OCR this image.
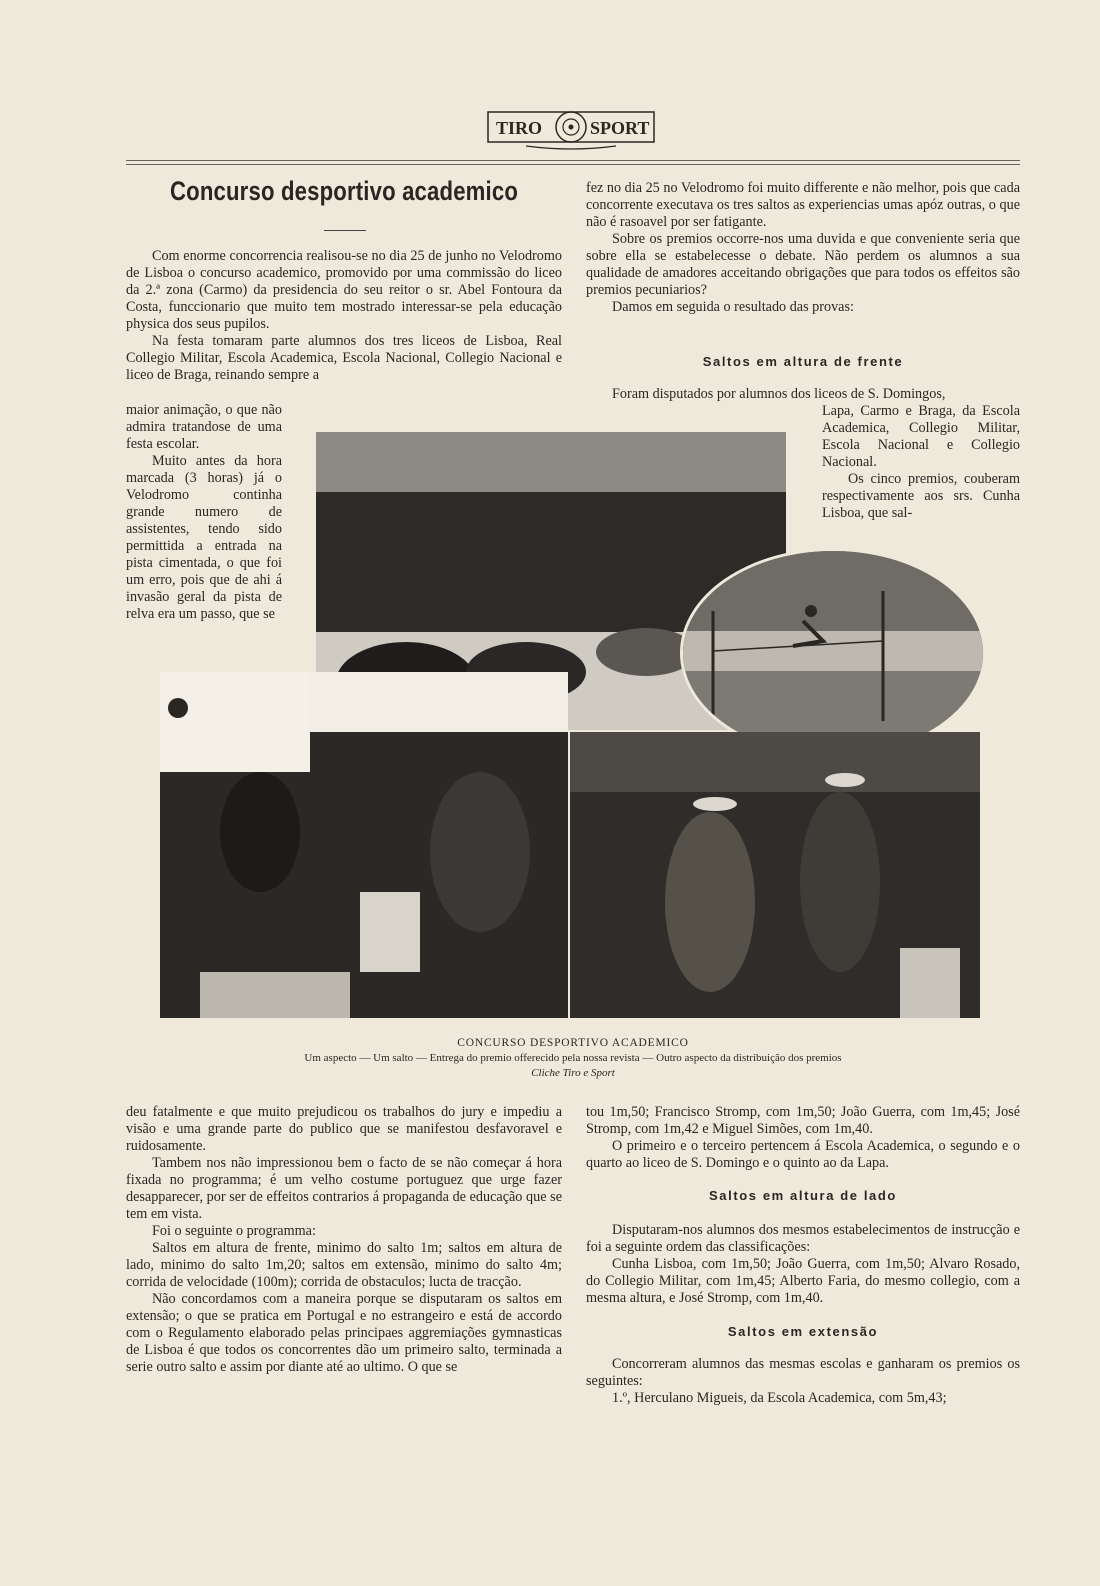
TIRO	SPORT
Concurso desportivo academico

Com enorme concorrencia realisou-se no dia 25 de junho no Velodromo de Lisboa o concurso academico, promovido por uma commissão do liceo da 2.ª zona (Carmo) da presidencia do seu reitor o sr. Abel Fontoura da Costa, funccionario que muito tem mostrado interessar-se pela educação physica dos seus pupilos.

Na festa tomaram parte alumnos dos tres liceos de Lisboa, Real Collegio Militar, Escola Academica, Escola Nacional, Collegio Nacional e liceo de Braga, reinando sempre a

maior animação, o que não admira tratandose de uma festa escolar.

Muito antes da hora marcada (3 horas) já o Velodromo continha grande numero de assistentes, tendo sido permittida a entrada na pista cimentada, o que foi um erro, pois que de ahi á invasão geral da pista de relva era um passo, que se

fez no dia 25 no Velodromo foi muito differente e não melhor, pois que cada concorrente executava os tres saltos as experiencias umas apóz outras, o que não é rasoavel por ser fatigante.

Sobre os premios occorre-nos uma duvida e que conveniente seria que sobre ella se estabelecesse o debate. Não perdem os alumnos a sua qualidade de amadores acceitando obrigações que para todos os effeitos são premios pecuniarios?

Damos em seguida o resultado das provas:

Saltos em altura de frente

Foram disputados por alumnos dos liceos de S. Domingos,

Lapa, Carmo e Braga, da Escola Academica, Collegio Militar, Escola Nacional e Collegio Nacional.

Os cinco premios, couberam respectivamente aos srs. Cunha Lisboa, que sal-

CONCURSO DESPORTIVO ACADEMICO
Um aspecto — Um salto — Entrega do premio offerecido pela nossa revista — Outro aspecto da distribuição dos premios
Cliche Tiro e Sport

deu fatalmente e que muito prejudicou os trabalhos do jury e impediu a visão e uma grande parte do publico que se manifestou desfavoravel e ruidosamente.

Tambem nos não impressionou bem o facto de se não começar á hora fixada no programma; é um velho costume portuguez que urge fazer desapparecer, por ser de effeitos contrarios á propaganda de educação que se tem em vista.

Foi o seguinte o programma:

Saltos em altura de frente, minimo do salto 1m; saltos em altura de lado, minimo do salto 1m,20; saltos em extensão, minimo do salto 4m; corrida de velocidade (100m); corrida de obstaculos; lucta de tracção.

Não concordamos com a maneira porque se disputaram os saltos em extensão; o que se pratica em Portugal e no estrangeiro e está de accordo com o Regulamento elaborado pelas principaes aggremiações gymnasticas de Lisboa é que todos os concorrentes dão um primeiro salto, terminada a serie outro salto e assim por diante até ao ultimo. O que se

tou 1m,50; Francisco Stromp, com 1m,50; João Guerra, com 1m,45; José Stromp, com 1m,42 e Miguel Simões, com 1m,40.

O primeiro e o terceiro pertencem á Escola Academica, o segundo e o quarto ao liceo de S. Domingo e o quinto ao da Lapa.

Saltos em altura de lado

Disputaram-nos alumnos dos mesmos estabelecimentos de instrucção e foi a seguinte ordem das classificações:

Cunha Lisboa, com 1m,50; João Guerra, com 1m,50; Alvaro Rosado, do Collegio Militar, com 1m,45; Alberto Faria, do mesmo collegio, com a mesma altura, e José Stromp, com 1m,40.

Saltos em extensão

Concorreram alumnos das mesmas escolas e ganharam os premios os seguintes:

1.º, Herculano Migueis, da Escola Academica, com 5m,43;
